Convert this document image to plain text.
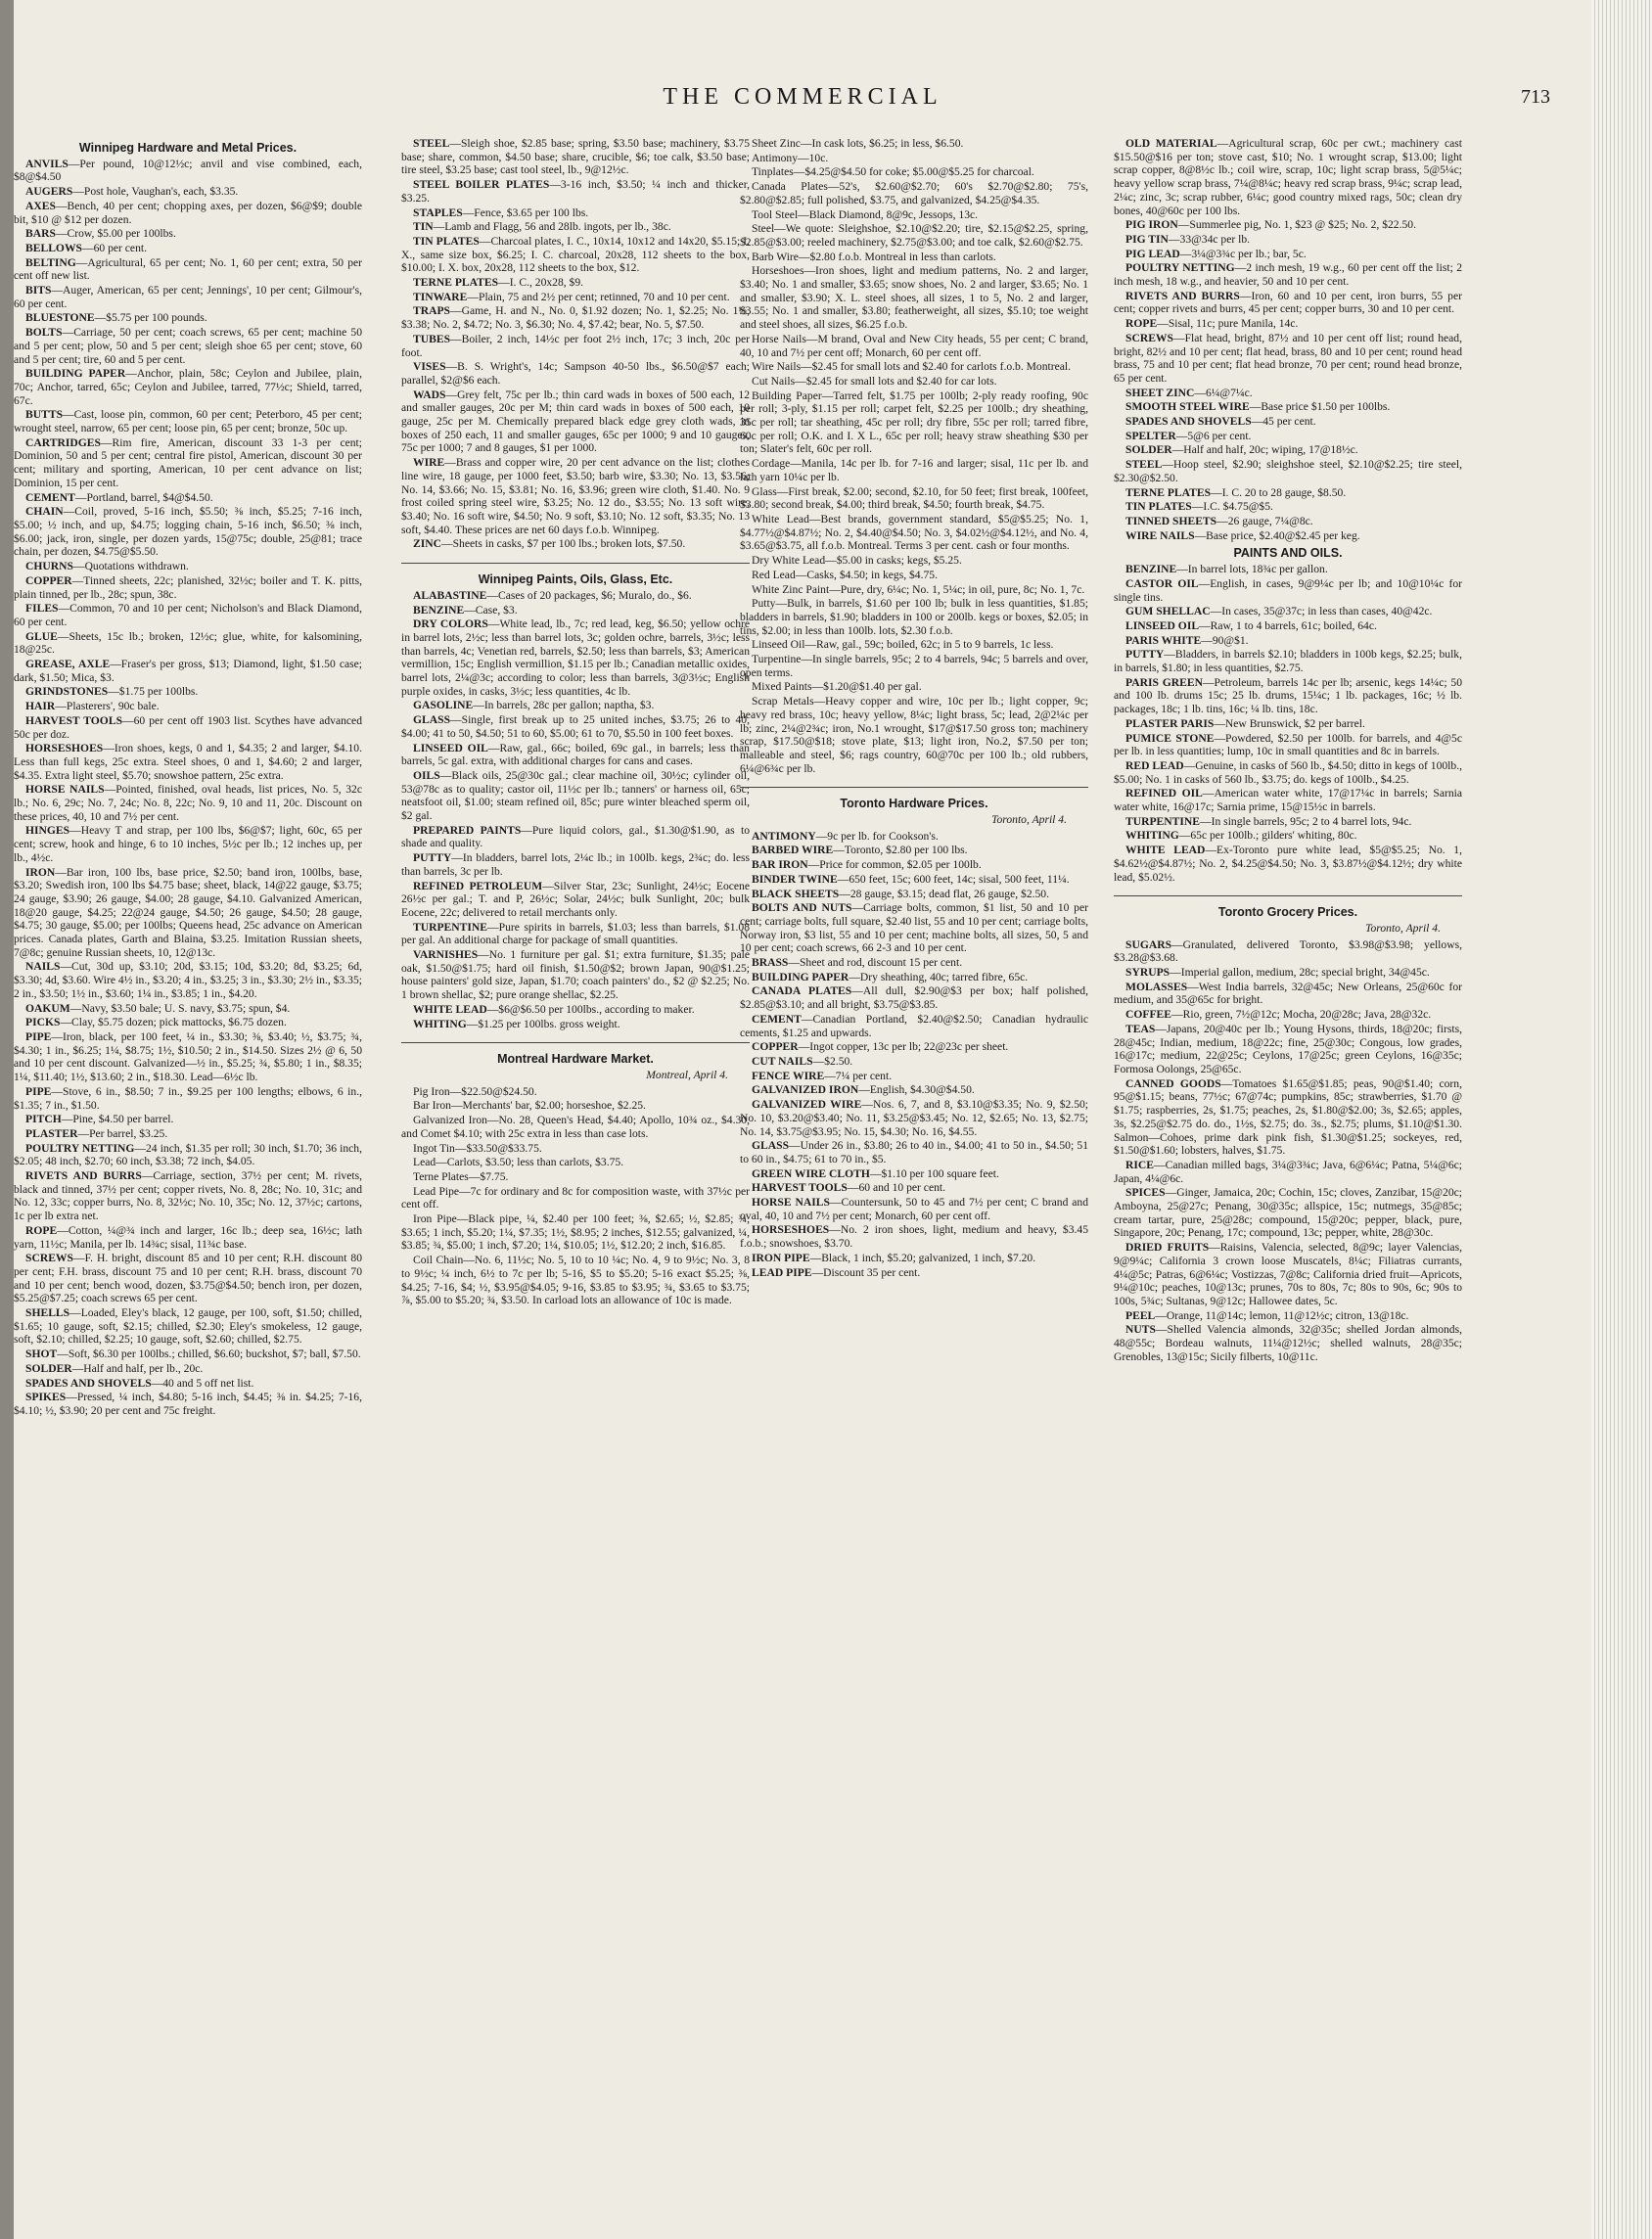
THE COMMERCIAL	713
Winnipeg Hardware and Metal Prices.

ANVILS—Per pound, 10@12½c; anvil and vise combined, each, $8@$4.50

AUGERS—Post hole, Vaughan's, each, $3.35.

AXES—Bench, 40 per cent; chopping axes, per dozen, $6@$9; double bit, $10 @ $12 per dozen.

BARS—Crow, $5.00 per 100lbs.

BELLOWS—60 per cent.

BELTING—Agricultural, 65 per cent; No. 1, 60 per cent; extra, 50 per cent off new list.

BITS—Auger, American, 65 per cent; Jennings', 10 per cent; Gilmour's, 60 per cent.

BLUESTONE—$5.75 per 100 pounds.

BOLTS—Carriage, 50 per cent; coach screws, 65 per cent; machine 50 and 5 per cent; plow, 50 and 5 per cent; sleigh shoe 65 per cent; stove, 60 and 5 per cent; tire, 60 and 5 per cent.

BUILDING PAPER—Anchor, plain, 58c; Ceylon and Jubilee, plain, 70c; Anchor, tarred, 65c; Ceylon and Jubilee, tarred, 77½c; Shield, tarred, 67c.

BUTTS—Cast, loose pin, common, 60 per cent; Peterboro, 45 per cent; wrought steel, narrow, 65 per cent; loose pin, 65 per cent; bronze, 50c up.

CARTRIDGES—Rim fire, American, discount 33 1-3 per cent; Dominion, 50 and 5 per cent; central fire pistol, American, discount 30 per cent; military and sporting, American, 10 per cent advance on list; Dominion, 15 per cent.

CEMENT—Portland, barrel, $4@$4.50.

CHAIN—Coil, proved, 5-16 inch, $5.50; ⅜ inch, $5.25; 7-16 inch, $5.00; ½ inch, and up, $4.75; logging chain, 5-16 inch, $6.50; ⅜ inch, $6.00; jack, iron, single, per dozen yards, 15@75c; double, 25@81; trace chain, per dozen, $4.75@$5.50.

CHURNS—Quotations withdrawn.

COPPER—Tinned sheets, 22c; planished, 32½c; boiler and T. K. pitts, plain tinned, per lb., 28c; spun, 38c.

FILES—Common, 70 and 10 per cent; Nicholson's and Black Diamond, 60 per cent.

GLUE—Sheets, 15c lb.; broken, 12½c; glue, white, for kalsomining, 18@25c.

GREASE, AXLE—Fraser's per gross, $13; Diamond, light, $1.50 case; dark, $1.50; Mica, $3.

GRINDSTONES—$1.75 per 100lbs.

HAIR—Plasterers', 90c bale.

HARVEST TOOLS—60 per cent off 1903 list. Scythes have advanced 50c per doz.

HORSESHOES—Iron shoes, kegs, 0 and 1, $4.35; 2 and larger, $4.10. Less than full kegs, 25c extra. Steel shoes, 0 and 1, $4.60; 2 and larger, $4.35. Extra light steel, $5.70; snowshoe pattern, 25c extra.

HORSE NAILS—Pointed, finished, oval heads, list prices, No. 5, 32c lb.; No. 6, 29c; No. 7, 24c; No. 8, 22c; No. 9, 10 and 11, 20c. Discount on these prices, 40, 10 and 7½ per cent.

HINGES—Heavy T and strap, per 100 lbs, $6@$7; light, 60c, 65 per cent; screw, hook and hinge, 6 to 10 inches, 5½c per lb.; 12 inches up, per lb., 4½c.

IRON—Bar iron, 100 lbs, base price, $2.50; band iron, 100lbs, base, $3.20; Swedish iron, 100 lbs $4.75 base; sheet, black, 14@22 gauge, $3.75; 24 gauge, $3.90; 26 gauge, $4.00; 28 gauge, $4.10. Galvanized American, 18@20 gauge, $4.25; 22@24 gauge, $4.50; 26 gauge, $4.50; 28 gauge, $4.75; 30 gauge, $5.00; per 100lbs; Queens head, 25c advance on American prices. Canada plates, Garth and Blaina, $3.25. Imitation Russian sheets, 7@8c; genuine Russian sheets, 10, 12@13c.

NAILS—Cut, 30d up, $3.10; 20d, $3.15; 10d, $3.20; 8d, $3.25; 6d, $3.30; 4d, $3.60. Wire 4½ in., $3.20; 4 in., $3.25; 3 in., $3.30; 2½ in., $3.35; 2 in., $3.50; 1½ in., $3.60; 1¼ in., $3.85; 1 in., $4.20.

OAKUM—Navy, $3.50 bale; U. S. navy, $3.75; spun, $4.

PICKS—Clay, $5.75 dozen; pick mattocks, $6.75 dozen.

PIPE—Iron, black, per 100 feet, ¼ in., $3.30; ⅜, $3.40; ½, $3.75; ¾, $4.30; 1 in., $6.25; 1¼, $8.75; 1½, $10.50; 2 in., $14.50. Sizes 2½ @ 6, 50 and 10 per cent discount. Galvanized—½ in., $5.25; ¾, $5.80; 1 in., $8.35; 1¼, $11.40; 1½, $13.60; 2 in., $18.30. Lead—6½c lb.

PIPE—Stove, 6 in., $8.50; 7 in., $9.25 per 100 lengths; elbows, 6 in., $1.35; 7 in., $1.50.

PITCH—Pine, $4.50 per barrel.

PLASTER—Per barrel, $3.25.

POULTRY NETTING—24 inch, $1.35 per roll; 30 inch, $1.70; 36 inch, $2.05; 48 inch, $2.70; 60 inch, $3.38; 72 inch, $4.05.

RIVETS AND BURRS—Carriage, section, 37½ per cent; M. rivets, black and tinned, 37½ per cent; copper rivets, No. 8, 28c; No. 10, 31c; and No. 12, 33c; copper burrs, No. 8, 32½c; No. 10, 35c; No. 12, 37½c; cartons, 1c per lb extra net.

ROPE—Cotton, ¼@¾ inch and larger, 16c lb.; deep sea, 16½c; lath yarn, 11½c; Manila, per lb. 14¾c; sisal, 11¾c base.

SCREWS—F. H. bright, discount 85 and 10 per cent; R.H. discount 80 per cent; F.H. brass, discount 75 and 10 per cent; R.H. brass, discount 70 and 10 per cent; bench wood, dozen, $3.75@$4.50; bench iron, per dozen, $5.25@$7.25; coach screws 65 per cent.

SHELLS—Loaded, Eley's black, 12 gauge, per 100, soft, $1.50; chilled, $1.65; 10 gauge, soft, $2.15; chilled, $2.30; Eley's smokeless, 12 gauge, soft, $2.10; chilled, $2.25; 10 gauge, soft, $2.60; chilled, $2.75.

SHOT—Soft, $6.30 per 100lbs.; chilled, $6.60; buckshot, $7; ball, $7.50.

SOLDER—Half and half, per lb., 20c.

SPADES AND SHOVELS—40 and 5 off net list.

SPIKES—Pressed, ¼ inch, $4.80; 5-16 inch, $4.45; ⅜ in. $4.25; 7-16, $4.10; ½, $3.90; 20 per cent and 75c freight.

STEEL—Sleigh shoe, $2.85 base; spring, $3.50 base; machinery, $3.75 base; share, common, $4.50 base; share, crucible, $6; toe calk, $3.50 base; tire steel, $3.25 base; cast tool steel, lb., 9@12½c.

STEEL BOILER PLATES—3-16 inch, $3.50; ¼ inch and thicker, $3.25.

STAPLES—Fence, $3.65 per 100 lbs.

TIN—Lamb and Flagg, 56 and 28lb. ingots, per lb., 38c.

TIN PLATES—Charcoal plates, I. C., 10x14, 10x12 and 14x20, $5.15; I. X., same size box, $6.25; I. C. charcoal, 20x28, 112 sheets to the box, $10.00; I. X. box, 20x28, 112 sheets to the box, $12.

TERNE PLATES—I. C., 20x28, $9.

TINWARE—Plain, 75 and 2½ per cent; retinned, 70 and 10 per cent.

TRAPS—Game, H. and N., No. 0, $1.92 dozen; No. 1, $2.25; No. 1½, $3.38; No. 2, $4.72; No. 3, $6.30; No. 4, $7.42; bear, No. 5, $7.50.

TUBES—Boiler, 2 inch, 14½c per foot 2½ inch, 17c; 3 inch, 20c per foot.

VISES—B. S. Wright's, 14c; Sampson 40-50 lbs., $6.50@$7 each; parallel, $2@$6 each.

WADS—Grey felt, 75c per lb.; thin card wads in boxes of 500 each, 12 and smaller gauges, 20c per M; thin card wads in boxes of 500 each, 10 gauge, 25c per M. Chemically prepared black edge grey cloth wads, in boxes of 250 each, 11 and smaller gauges, 65c per 1000; 9 and 10 gauges, 75c per 1000; 7 and 8 gauges, $1 per 1000.

WIRE—Brass and copper wire, 20 per cent advance on the list; clothes line wire, 18 gauge, per 1000 feet, $3.50; barb wire, $3.30; No. 13, $3.56; No. 14, $3.66; No. 15, $3.81; No. 16, $3.96; green wire cloth, $1.40. No. 9 frost coiled spring steel wire, $3.25; No. 12 do., $3.55; No. 13 soft wire, $3.40; No. 16 soft wire, $4.50; No. 9 soft, $3.10; No. 12 soft, $3.35; No. 13 soft, $4.40. These prices are net 60 days f.o.b. Winnipeg.

ZINC—Sheets in casks, $7 per 100 lbs.; broken lots, $7.50.

Winnipeg Paints, Oils, Glass, Etc.

ALABASTINE—Cases of 20 packages, $6; Muralo, do., $6.

BENZINE—Case, $3.

DRY COLORS—White lead, lb., 7c; red lead, keg, $6.50; yellow ochre in barrel lots, 2½c; less than barrel lots, 3c; golden ochre, barrels, 3½c; less than barrels, 4c; Venetian red, barrels, $2.50; less than barrels, $3; American vermillion, 15c; English vermillion, $1.15 per lb.; Canadian metallic oxides, barrel lots, 2¼@3c; according to color; less than barrels, 3@3½c; English purple oxides, in casks, 3½c; less quantities, 4c lb.

GASOLINE—In barrels, 28c per gallon; naptha, $3.

GLASS—Single, first break up to 25 united inches, $3.75; 26 to 40, $4.00; 41 to 50, $4.50; 51 to 60, $5.00; 61 to 70, $5.50 in 100 feet boxes.

LINSEED OIL—Raw, gal., 66c; boiled, 69c gal., in barrels; less than barrels, 5c gal. extra, with additional charges for cans and cases.

OILS—Black oils, 25@30c gal.; clear machine oil, 30½c; cylinder oil, 53@78c as to quality; castor oil, 11½c per lb.; tanners' or harness oil, 65c; neatsfoot oil, $1.00; steam refined oil, 85c; pure winter bleached sperm oil, $2 gal.

PREPARED PAINTS—Pure liquid colors, gal., $1.30@$1.90, as to shade and quality.

PUTTY—In bladders, barrel lots, 2¼c lb.; in 100lb. kegs, 2¾c; do. less than barrels, 3c per lb.

REFINED PETROLEUM—Silver Star, 23c; Sunlight, 24½c; Eocene 26½c per gal.; T. and P, 26½c; Solar, 24½c; bulk Sunlight, 20c; bulk Eocene, 22c; delivered to retail merchants only.

TURPENTINE—Pure spirits in barrels, $1.03; less than barrels, $1.08 per gal. An additional charge for package of small quantities.

VARNISHES—No. 1 furniture per gal. $1; extra furniture, $1.35; pale oak, $1.50@$1.75; hard oil finish, $1.50@$2; brown Japan, 90@$1.25; house painters' gold size, Japan, $1.70; coach painters' do., $2 @ $2.25; No. 1 brown shellac, $2; pure orange shellac, $2.25.

WHITE LEAD—$6@$6.50 per 100lbs., according to maker.

WHITING—$1.25 per 100lbs. gross weight.

Montreal Hardware Market.
Montreal, April 4.

Pig Iron—$22.50@$24.50.

Bar Iron—Merchants' bar, $2.00; horseshoe, $2.25.

Galvanized Iron—No. 28, Queen's Head, $4.40; Apollo, 10¾ oz., $4.30, and Comet $4.10; with 25c extra in less than case lots.

Ingot Tin—$33.50@$33.75.

Lead—Carlots, $3.50; less than carlots, $3.75.

Terne Plates—$7.75.

Lead Pipe—7c for ordinary and 8c for composition waste, with 37½c per cent off.

Iron Pipe—Black pipe, ¼, $2.40 per 100 feet; ⅜, $2.65; ½, $2.85; ¾, $3.65; 1 inch, $5.20; 1¼, $7.35; 1½, $8.95; 2 inches, $12.55; galvanized, ¼, $3.85; ¾, $5.00; 1 inch, $7.20; 1¼, $10.05; 1½, $12.20; 2 inch, $16.85.

Coil Chain—No. 6, 11½c; No. 5, 10 to 10 ¼c; No. 4, 9 to 9½c; No. 3, 8 to 9½c; ¼ inch, 6½ to 7c per lb; 5-16, $5 to $5.20; 5-16 exact $5.25; ⅜, $4.25; 7-16, $4; ½, $3.95@$4.05; 9-16, $3.85 to $3.95; ¾, $3.65 to $3.75; ⅞, $5.00 to $5.20; ¾, $3.50. In carload lots an allowance of 10c is made.

Sheet Zinc—In cask lots, $6.25; in less, $6.50.

Antimony—10c.

Tinplates—$4.25@$4.50 for coke; $5.00@$5.25 for charcoal.

Canada Plates—52's, $2.60@$2.70; 60's $2.70@$2.80; 75's, $2.80@$2.85; full polished, $3.75, and galvanized, $4.25@$4.35.

Tool Steel—Black Diamond, 8@9c, Jessops, 13c.

Steel—We quote: Sleighshoe, $2.10@$2.20; tire, $2.15@$2.25, spring, $2.85@$3.00; reeled machinery, $2.75@$3.00; and toe calk, $2.60@$2.75.

Barb Wire—$2.80 f.o.b. Montreal in less than carlots.

Horseshoes—Iron shoes, light and medium patterns, No. 2 and larger, $3.40; No. 1 and smaller, $3.65; snow shoes, No. 2 and larger, $3.65; No. 1 and smaller, $3.90; X. L. steel shoes, all sizes, 1 to 5, No. 2 and larger, $3.55; No. 1 and smaller, $3.80; featherweight, all sizes, $5.10; toe weight and steel shoes, all sizes, $6.25 f.o.b.

Horse Nails—M brand, Oval and New City heads, 55 per cent; C brand, 40, 10 and 7½ per cent off; Monarch, 60 per cent off.

Wire Nails—$2.45 for small lots and $2.40 for carlots f.o.b. Montreal.

Cut Nails—$2.45 for small lots and $2.40 for car lots.

Building Paper—Tarred felt, $1.75 per 100lb; 2-ply ready roofing, 90c per roll; 3-ply, $1.15 per roll; carpet felt, $2.25 per 100lb.; dry sheathing, 35c per roll; tar sheathing, 45c per roll; dry fibre, 55c per roll; tarred fibre, 60c per roll; O.K. and I. X L., 65c per roll; heavy straw sheathing $30 per ton; Slater's felt, 60c per roll.

Cordage—Manila, 14c per lb. for 7-16 and larger; sisal, 11c per lb. and lath yarn 10¼c per lb.

Glass—First break, $2.00; second, $2.10, for 50 feet; first break, 100feet, $3.80; second break, $4.00; third break, $4.50; fourth break, $4.75.

White Lead—Best brands, government standard, $5@$5.25; No. 1, $4.77½@$4.87½; No. 2, $4.40@$4.50; No. 3, $4.02½@$4.12½, and No. 4, $3.65@$3.75, all f.o.b. Montreal. Terms 3 per cent. cash or four months.

Dry White Lead—$5.00 in casks; kegs, $5.25.

Red Lead—Casks, $4.50; in kegs, $4.75.

White Zinc Paint—Pure, dry, 6¼c; No. 1, 5¼c; in oil, pure, 8c; No. 1, 7c.

Putty—Bulk, in barrels, $1.60 per 100 lb; bulk in less quantities, $1.85; bladders in barrels, $1.90; bladders in 100 or 200lb. kegs or boxes, $2.05; in tins, $2.00; in less than 100lb. lots, $2.30 f.o.b.

Linseed Oil—Raw, gal., 59c; boiled, 62c; in 5 to 9 barrels, 1c less.

Turpentine—In single barrels, 95c; 2 to 4 barrels, 94c; 5 barrels and over, open terms.

Mixed Paints—$1.20@$1.40 per gal.

Scrap Metals—Heavy copper and wire, 10c per lb.; light copper, 9c; heavy red brass, 10c; heavy yellow, 8¼c; light brass, 5c; lead, 2@2¼c per lb; zinc, 2¼@2¾c; iron, No.1 wrought, $17@$17.50 gross ton; machinery scrap, $17.50@$18; stove plate, $13; light iron, No.2, $7.50 per ton; malleable and steel, $6; rags country, 60@70c per 100 lb.; old rubbers, 6¼@6¾c per lb.

Toronto Hardware Prices.
Toronto, April 4.

ANTIMONY—9c per lb. for Cookson's.

BARBED WIRE—Toronto, $2.80 per 100 lbs.

BAR IRON—Price for common, $2.05 per 100lb.

BINDER TWINE—650 feet, 15c; 600 feet, 14c; sisal, 500 feet, 11¼.

BLACK SHEETS—28 gauge, $3.15; dead flat, 26 gauge, $2.50.

BOLTS AND NUTS—Carriage bolts, common, $1 list, 50 and 10 per cent; carriage bolts, full square, $2.40 list, 55 and 10 per cent; carriage bolts, Norway iron, $3 list, 55 and 10 per cent; machine bolts, all sizes, 50, 5 and 10 per cent; coach screws, 66 2-3 and 10 per cent.

BRASS—Sheet and rod, discount 15 per cent.

BUILDING PAPER—Dry sheathing, 40c; tarred fibre, 65c.

CANADA PLATES—All dull, $2.90@$3 per box; half polished, $2.85@$3.10; and all bright, $3.75@$3.85.

CEMENT—Canadian Portland, $2.40@$2.50; Canadian hydraulic cements, $1.25 and upwards.

COPPER—Ingot copper, 13c per lb; 22@23c per sheet.

CUT NAILS—$2.50.

FENCE WIRE—7¼ per cent.

GALVANIZED IRON—English, $4.30@$4.50.

GALVANIZED WIRE—Nos. 6, 7, and 8, $3.10@$3.35; No. 9, $2.50; No. 10, $3.20@$3.40; No. 11, $3.25@$3.45; No. 12, $2.65; No. 13, $2.75; No. 14, $3.75@$3.95; No. 15, $4.30; No. 16, $4.55.

GLASS—Under 26 in., $3.80; 26 to 40 in., $4.00; 41 to 50 in., $4.50; 51 to 60 in., $4.75; 61 to 70 in., $5.

GREEN WIRE CLOTH—$1.10 per 100 square feet.

HARVEST TOOLS—60 and 10 per cent.

HORSE NAILS—Countersunk, 50 to 45 and 7½ per cent; C brand and oval, 40, 10 and 7½ per cent; Monarch, 60 per cent off.

HORSESHOES—No. 2 iron shoes, light, medium and heavy, $3.45 f.o.b.; snowshoes, $3.70.

IRON PIPE—Black, 1 inch, $5.20; galvanized, 1 inch, $7.20.

LEAD PIPE—Discount 35 per cent.

OLD MATERIAL—Agricultural scrap, 60c per cwt.; machinery cast $15.50@$16 per ton; stove cast, $10; No. 1 wrought scrap, $13.00; light scrap copper, 8@8½c lb.; coil wire, scrap, 10c; light scrap brass, 5@5¼c; heavy yellow scrap brass, 7¼@8¼c; heavy red scrap brass, 9¼c; scrap lead, 2¼c; zinc, 3c; scrap rubber, 6¼c; good country mixed rags, 50c; clean dry bones, 40@60c per 100 lbs.

PIG IRON—Summerlee pig, No. 1, $23 @ $25; No. 2, $22.50.

PIG TIN—33@34c per lb.

PIG LEAD—3¼@3¾c per lb.; bar, 5c.

POULTRY NETTING—2 inch mesh, 19 w.g., 60 per cent off the list; 2 inch mesh, 18 w.g., and heavier, 50 and 10 per cent.

RIVETS AND BURRS—Iron, 60 and 10 per cent, iron burrs, 55 per cent; copper rivets and burrs, 45 per cent; copper burrs, 30 and 10 per cent.

ROPE—Sisal, 11c; pure Manila, 14c.

SCREWS—Flat head, bright, 87½ and 10 per cent off list; round head, bright, 82½ and 10 per cent; flat head, brass, 80 and 10 per cent; round head brass, 75 and 10 per cent; flat head bronze, 70 per cent; round head bronze, 65 per cent.

SHEET ZINC—6¼@7¼c.

SMOOTH STEEL WIRE—Base price $1.50 per 100lbs.

SPADES AND SHOVELS—45 per cent.

SPELTER—5@6 per cent.

SOLDER—Half and half, 20c; wiping, 17@18½c.

STEEL—Hoop steel, $2.90; sleighshoe steel, $2.10@$2.25; tire steel, $2.30@$2.50.

TERNE PLATES—I. C. 20 to 28 gauge, $8.50.

TIN PLATES—I.C. $4.75@$5.

TINNED SHEETS—26 gauge, 7¼@8c.

WIRE NAILS—Base price, $2.40@$2.45 per keg.

PAINTS AND OILS.

BENZINE—In barrel lots, 18¾c per gallon.

CASTOR OIL—English, in cases, 9@9¼c per lb; and 10@10¼c for single tins.

GUM SHELLAC—In cases, 35@37c; in less than cases, 40@42c.

LINSEED OIL—Raw, 1 to 4 barrels, 61c; boiled, 64c.

PARIS WHITE—90@$1.

PUTTY—Bladders, in barrels $2.10; bladders in 100b kegs, $2.25; bulk, in barrels, $1.80; in less quantities, $2.75.

PARIS GREEN—Petroleum, barrels 14c per lb; arsenic, kegs 14¼c; 50 and 100 lb. drums 15c; 25 lb. drums, 15¼c; 1 lb. packages, 16c; ½ lb. packages, 18c; 1 lb. tins, 16c; ¼ lb. tins, 18c.

PLASTER PARIS—New Brunswick, $2 per barrel.

PUMICE STONE—Powdered, $2.50 per 100lb. for barrels, and 4@5c per lb. in less quantities; lump, 10c in small quantities and 8c in barrels.

RED LEAD—Genuine, in casks of 560 lb., $4.50; ditto in kegs of 100lb., $5.00; No. 1 in casks of 560 lb., $3.75; do. kegs of 100lb., $4.25.

REFINED OIL—American water white, 17@17¼c in barrels; Sarnia water white, 16@17c; Sarnia prime, 15@15½c in barrels.

TURPENTINE—In single barrels, 95c; 2 to 4 barrel lots, 94c.

WHITING—65c per 100lb.; gilders' whiting, 80c.

WHITE LEAD—Ex-Toronto pure white lead, $5@$5.25; No. 1, $4.62½@$4.87½; No. 2, $4.25@$4.50; No. 3, $3.87½@$4.12½; dry white lead, $5.02½.

Toronto Grocery Prices.
Toronto, April 4.

SUGARS—Granulated, delivered Toronto, $3.98@$3.98; yellows, $3.28@$3.68.

SYRUPS—Imperial gallon, medium, 28c; special bright, 34@45c.

MOLASSES—West India barrels, 32@45c; New Orleans, 25@60c for medium, and 35@65c for bright.

COFFEE—Rio, green, 7½@12c; Mocha, 20@28c; Java, 28@32c.

TEAS—Japans, 20@40c per lb.; Young Hysons, thirds, 18@20c; firsts, 28@45c; Indian, medium, 18@22c; fine, 25@30c; Congous, low grades, 16@17c; medium, 22@25c; Ceylons, 17@25c; green Ceylons, 16@35c; Formosa Oolongs, 25@65c.

CANNED GOODS—Tomatoes $1.65@$1.85; peas, 90@$1.40; corn, 95@$1.15; beans, 77½c; 67@74c; pumpkins, 85c; strawberries, $1.70 @ $1.75; raspberries, 2s, $1.75; peaches, 2s, $1.80@$2.00; 3s, $2.65; apples, 3s, $2.25@$2.75 do. do., 1½s, $2.75; do. 3s., $2.75; plums, $1.10@$1.30. Salmon—Cohoes, prime dark pink fish, $1.30@$1.25; sockeyes, red, $1.50@$1.60; lobsters, halves, $1.75.

RICE—Canadian milled bags, 3¼@3¾c; Java, 6@6¼c; Patna, 5¼@6c; Japan, 4¼@6c.

SPICES—Ginger, Jamaica, 20c; Cochin, 15c; cloves, Zanzibar, 15@20c; Amboyna, 25@27c; Penang, 30@35c; allspice, 15c; nutmegs, 35@85c; cream tartar, pure, 25@28c; compound, 15@20c; pepper, black, pure, Singapore, 20c; Penang, 17c; compound, 13c; pepper, white, 28@30c.

DRIED FRUITS—Raisins, Valencia, selected, 8@9c; layer Valencias, 9@9¼c; California 3 crown loose Muscatels, 8¼c; Filiatras currants, 4¼@5c; Patras, 6@6¼c; Vostizzas, 7@8c; California dried fruit—Apricots, 9¼@10c; peaches, 10@13c; prunes, 70s to 80s, 7c; 80s to 90s, 6c; 90s to 100s, 5¾c; Sultanas, 9@12c; Hallowee dates, 5c.

PEEL—Orange, 11@14c; lemon, 11@12½c; citron, 13@18c.

NUTS—Shelled Valencia almonds, 32@35c; shelled Jordan almonds, 48@55c; Bordeau walnuts, 11¼@12½c; shelled walnuts, 28@35c; Grenobles, 13@15c; Sicily filberts, 10@11c.
